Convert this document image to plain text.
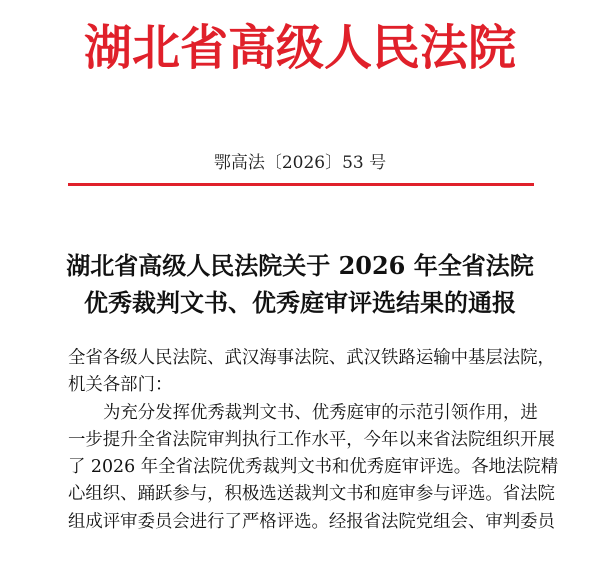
湖北省高级人民法院
鄂高法〔2026〕53 号
湖北省高级人民法院关于 2026 年全省法院
优秀裁判文书、优秀庭审评选结果的通报
全省各级人民法院、武汉海事法院、武汉铁路运输中基层法院，
机关各部门：
为充分发挥优秀裁判文书、优秀庭审的示范引领作用，进
一步提升全省法院审判执行工作水平，今年以来省法院组织开展
了 2026 年全省法院优秀裁判文书和优秀庭审评选。各地法院精
心组织、踊跃参与，积极选送裁判文书和庭审参与评选。省法院
组成评审委员会进行了严格评选。经报省法院党组会、审判委员
